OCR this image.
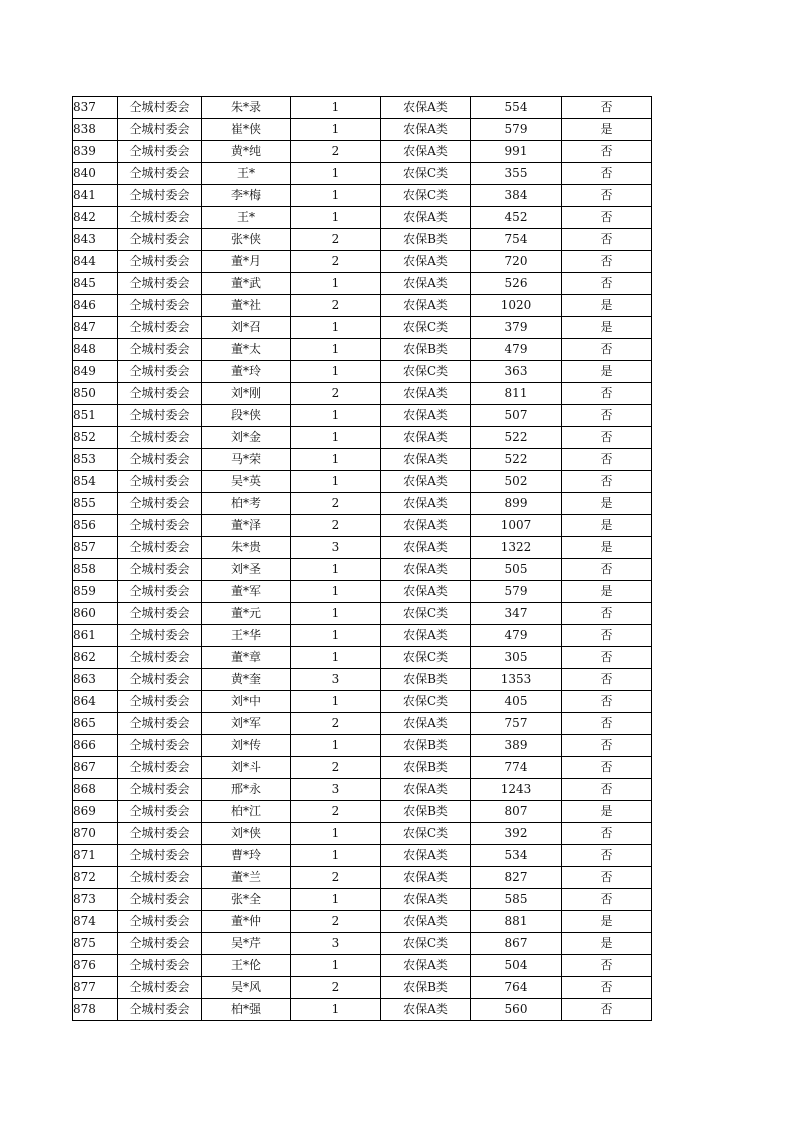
837	仝城村委会	朱*录	1	农保A类	554	否
838	仝城村委会	崔*侠	1	农保A类	579	是
839	仝城村委会	黄*纯	2	农保A类	991	否
840	仝城村委会	王*	1	农保C类	355	否
841	仝城村委会	李*梅	1	农保C类	384	否
842	仝城村委会	王*	1	农保A类	452	否
843	仝城村委会	张*侠	2	农保B类	754	否
844	仝城村委会	董*月	2	农保A类	720	否
845	仝城村委会	董*武	1	农保A类	526	否
846	仝城村委会	董*社	2	农保A类	1020	是
847	仝城村委会	刘*召	1	农保C类	379	是
848	仝城村委会	董*太	1	农保B类	479	否
849	仝城村委会	董*玲	1	农保C类	363	是
850	仝城村委会	刘*刚	2	农保A类	811	否
851	仝城村委会	段*侠	1	农保A类	507	否
852	仝城村委会	刘*金	1	农保A类	522	否
853	仝城村委会	马*荣	1	农保A类	522	否
854	仝城村委会	吴*英	1	农保A类	502	否
855	仝城村委会	柏*考	2	农保A类	899	是
856	仝城村委会	董*泽	2	农保A类	1007	是
857	仝城村委会	朱*贵	3	农保A类	1322	是
858	仝城村委会	刘*圣	1	农保A类	505	否
859	仝城村委会	董*军	1	农保A类	579	是
860	仝城村委会	董*元	1	农保C类	347	否
861	仝城村委会	王*华	1	农保A类	479	否
862	仝城村委会	董*章	1	农保C类	305	否
863	仝城村委会	黄*奎	3	农保B类	1353	否
864	仝城村委会	刘*中	1	农保C类	405	否
865	仝城村委会	刘*军	2	农保A类	757	否
866	仝城村委会	刘*传	1	农保B类	389	否
867	仝城村委会	刘*斗	2	农保B类	774	否
868	仝城村委会	邢*永	3	农保A类	1243	否
869	仝城村委会	柏*江	2	农保B类	807	是
870	仝城村委会	刘*侠	1	农保C类	392	否
871	仝城村委会	曹*玲	1	农保A类	534	否
872	仝城村委会	董*兰	2	农保A类	827	否
873	仝城村委会	张*全	1	农保A类	585	否
874	仝城村委会	董*仲	2	农保A类	881	是
875	仝城村委会	吴*芹	3	农保C类	867	是
876	仝城村委会	王*伦	1	农保A类	504	否
877	仝城村委会	吴*风	2	农保B类	764	否
878	仝城村委会	柏*强	1	农保A类	560	否
